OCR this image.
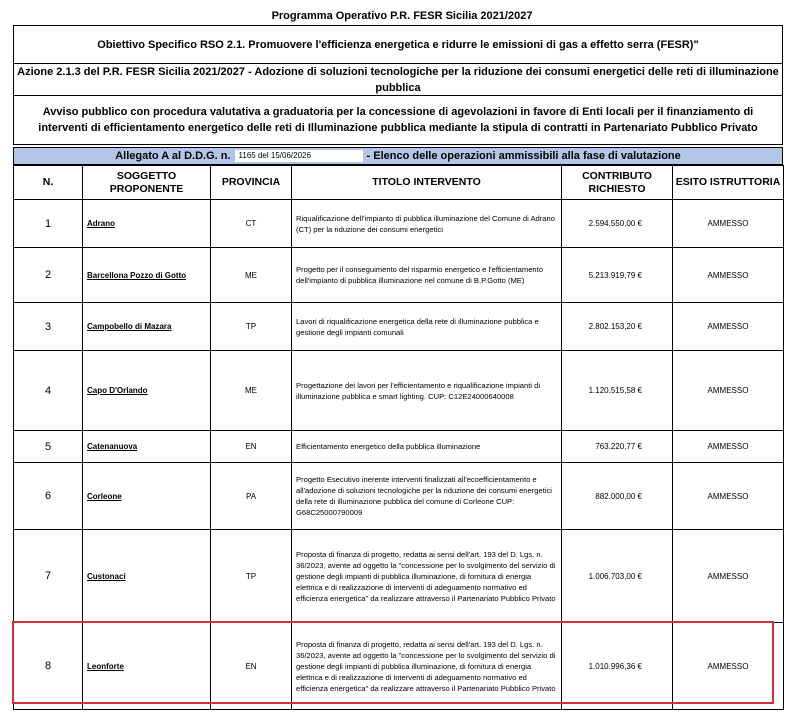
Programma Operativo P.R. FESR Sicilia 2021/2027
Obiettivo Specifico RSO 2.1. Promuovere l'efficienza energetica e ridurre le emissioni di gas a effetto serra (FESR)"
Azione 2.1.3 del P.R. FESR Sicilia 2021/2027 - Adozione di soluzioni tecnologiche per la riduzione dei consumi energetici delle reti di illuminazione pubblica
Avviso pubblico con procedura valutativa a graduatoria per la concessione di agevolazioni in favore di Enti locali per il finanziamento di interventi di efficientamento energetico delle reti di Illuminazione pubblica mediante la stipula di contratti in Partenariato Pubblico Privato
Allegato A al D.D.G. n.	1165 del 15/06/2026	- Elenco delle operazioni ammissibili alla fase di valutazione
N.	SOGGETTO PROPONENTE	PROVINCIA	TITOLO INTERVENTO	CONTRIBUTO RICHIESTO	ESITO ISTRUTTORIA
1	Adrano	CT	Riqualificazione dell'impianto di pubblica illuminazione del Comune di Adrano (CT) per la riduzione dei consumi energetici	2.594.550,00 €	AMMESSO
2	Barcellona Pozzo di Gotto	ME	Progetto per il conseguimento del risparmio energetico e l'efficientamento dell'impianto di pubblica illuminazione nel comune di B.P.Gotto (ME)	5.213.919,79 €	AMMESSO
3	Campobello di Mazara	TP	Lavori di riqualificazione energetica della rete di illuminazione pubblica e gestione degli impianti comunali	2.802.153,20 €	AMMESSO
4	Capo D'Orlando	ME	Progettazione dei lavori per l'efficientamento e riqualificazione impianti di illuminazione pubblica e smart lighting. CUP: C12E24000640008	1.120.515,58 €	AMMESSO
5	Catenanuova	EN	Efficientamento energetico della pubblica illuminazione	763.220,77 €	AMMESSO
6	Corleone	PA	Progetto Esecutivo inerente interventi finalizzati all'ecoefficientamento e all'adozione di soluzioni tecnologiche per la riduzione dei consumi energetici della rete di illuminazione pubblica del comune di Corleone CUP: G68C25000790009	882.000,00 €	AMMESSO
7	Custonaci	TP	Proposta di finanza di progetto, redatta ai sensi dell'art. 193 del D. Lgs. n. 36/2023, avente ad oggetto la "concessione per lo svolgimento del servizio di gestione degli impianti di pubblica illuminazione, di fornitura di energia elettrica e di realizzazione di interventi di adeguamento normativo ed efficienza energetica" da realizzare attraverso il Partenariato Pubblico Privato	1.006.703,00 €	AMMESSO
8	Leonforte	EN	Proposta di finanza di progetto, redatta ai sensi dell'art. 193 del D. Lgs. n. 36/2023, avente ad oggetto la "concessione per lo svolgimento del servizio di gestione degli impianti di pubblica illuminazione, di fornitura di energia elettrica e di realizzazione di interventi di adeguamento normativo ed efficienza energetica" da realizzare attraverso il Partenariato Pubblico Privato	1.010.996,36 €	AMMESSO
